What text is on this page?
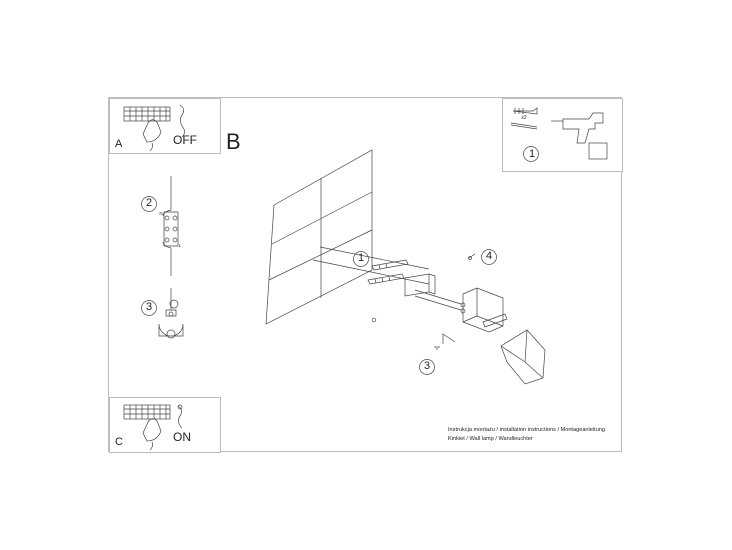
A	OFF
C	ON
x2
1
B
2
3
1	4
3
N
L
Instrukcja montażu / installation instructions / Montageanleitung
Kinkiet / Wall lamp / Wandleuchter
